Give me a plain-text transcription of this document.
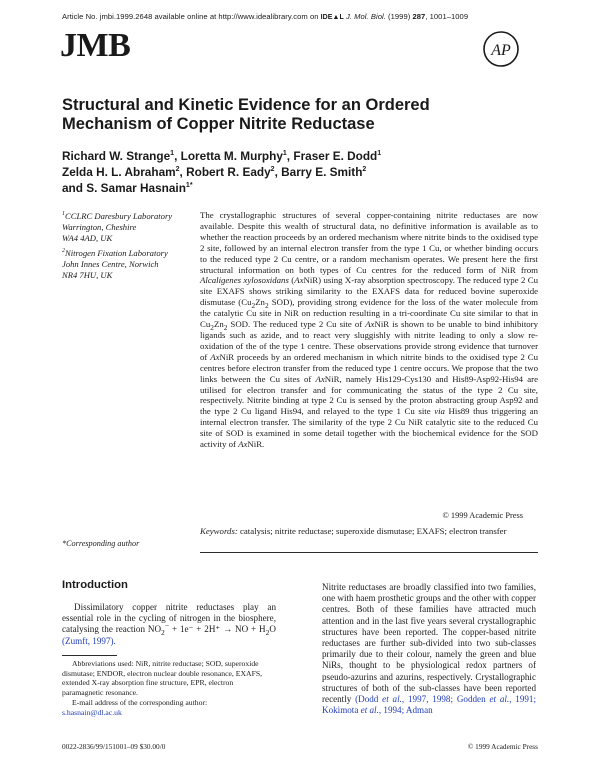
Article No. jmbi.1999.2648 available online at http://www.idealibrary.com on IDE▲L J. Mol. Biol. (1999) 287, 1001–1009
JMB	AP
Structural and Kinetic Evidence for an Ordered
Mechanism of Copper Nitrite Reductase
Richard W. Strange$^1$, Loretta M. Murphy$^1$, Fraser E. Dodd$^1$
Zelda H. L. Abraham$^2$, Robert R. Eady$^2$, Barry E. Smith$^2$
and S. Samar Hasnain$^{1*}$
$^1$CCLRC Daresbury Laboratory
Warrington, Cheshire
WA4 4AD, UK
$^2$Nitrogen Fixation Laboratory
John Innes Centre, Norwich
NR4 7HU, UK
The crystallographic structures of several copper-containing nitrite reductases are now available. Despite this wealth of structural data, no definitive information is available as to whether the reaction proceeds by an ordered mechanism where nitrite binds to the oxidised type 2 site, followed by an internal electron transfer from the type 1 Cu, or whether binding occurs to the reduced type 2 Cu centre, or a random mechanism operates. We present here the first structural information on both types of Cu centres for the reduced form of NiR from Alcaligenes xylosoxidans (AxNiR) using X-ray absorption spectroscopy. The reduced type 2 Cu site EXAFS shows striking similarity to the EXAFS data for reduced bovine superoxide dismutase ($Cu_2Zn_2$ SOD), providing strong evidence for the loss of the water molecule from the catalytic Cu site in NiR on reduction resulting in a tri-coordinate Cu site similar to that in $Cu_2Zn_2$ SOD. The reduced type 2 Cu site of AxNiR is shown to be unable to bind inhibitory ligands such as azide, and to react very sluggishly with nitrite leading to only a slow re-oxidation of the of the type 1 centre. These observations provide strong evidence that turnover of AxNiR proceeds by an ordered mechanism in which nitrite binds to the oxidised type 2 Cu centres before electron transfer from the reduced type 1 centre occurs. We propose that the two links between the Cu sites of AxNiR, namely His129-Cys130 and His89-Asp92-His94 are utilised for electron transfer and for communicating the status of the type 2 Cu site, respectively. Nitrite binding at type 2 Cu is sensed by the proton abstracting group Asp92 and the type 2 Cu ligand His94, and relayed to the type 1 Cu site via His89 thus triggering an internal electron transfer. The similarity of the type 2 Cu NiR catalytic site to the reduced Cu site of SOD is examined in some detail together with the biochemical evidence for the SOD activity of AxNiR.
© 1999 Academic Press
Keywords: catalysis; nitrite reductase; superoxide dismutase; EXAFS; electron transfer
*Corresponding author
Introduction
Dissimilatory copper nitrite reductases play an essential role in the cycling of nitrogen in the biosphere, catalysing the reaction $NO_2^- + 1e^- + 2H^+$ → NO + $H_2O$ (Zumft, 1997).
Abbreviations used: NiR, nitrite reductase; SOD, superoxide dismutase; ENDOR, electron nuclear double resonance, EXAFS, extended X-ray absorption fine structure, EPR, electron paramagnetic resonance.
E-mail address of the corresponding author:
s.hasnain@dl.ac.uk
Nitrite reductases are broadly classified into two families, one with haem prosthetic groups and the other with copper centres. Both of these families have attracted much attention and in the last five years several crystallographic structures have been reported. The copper-based nitrite reductases are further sub-divided into two sub-classes primarily due to their colour, namely the green and blue NiRs, thought to be physiological redox partners of pseudo-azurins and azurins, respectively. Crystallographic structures of both of the sub-classes have been reported recently (Dodd et al., 1997, 1998; Godden et al., 1991; Kokimota et al., 1994; Adman
0022-2836/99/151001–09 $30.00/0	© 1999 Academic Press
